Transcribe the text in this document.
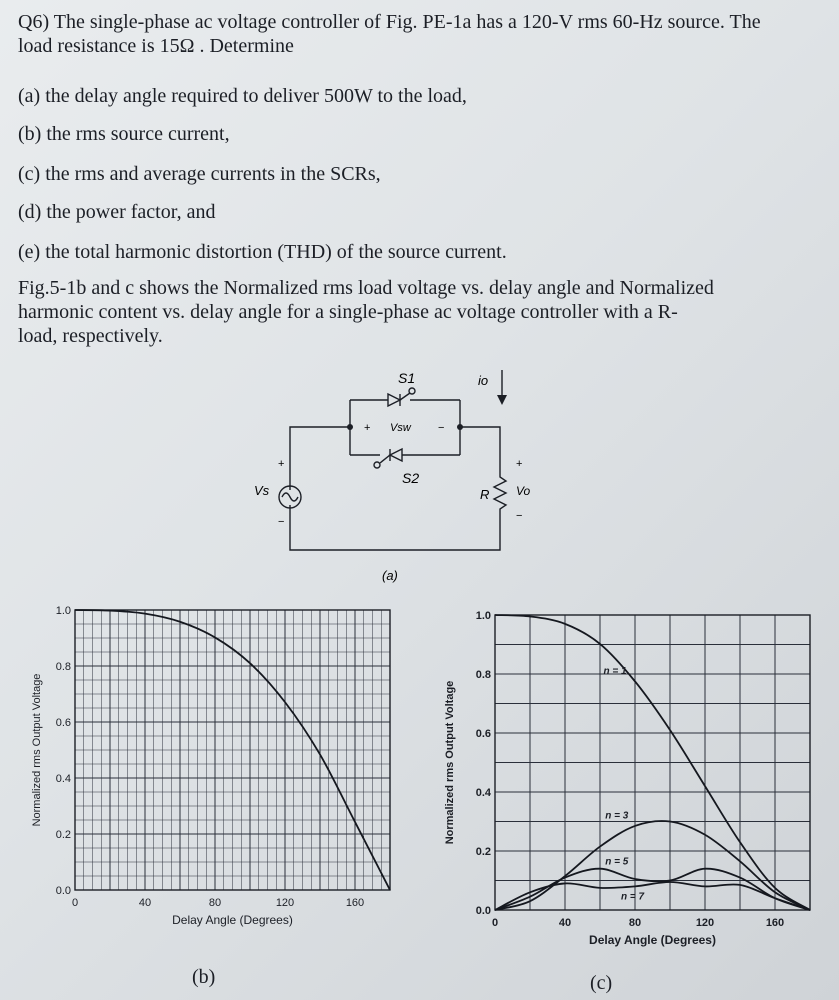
Q6) The single-phase ac voltage controller of Fig. PE-1a has a 120-V rms 60-Hz source. The
load resistance is 15Ω . Determine
(a) the delay angle required to deliver 500W to the load,
(b) the rms source current,
(c) the rms and average currents in the SCRs,
(d) the power factor, and
(e) the total harmonic distortion (THD) of the source current.
Fig.5-1b and c shows the Normalized rms load voltage vs. delay angle and Normalized
harmonic content vs. delay angle for a single-phase ac voltage controller with a R-
load, respectively.
S1
S2
+ Vsw −
+
Vs
−
io
R
+
Vo
−
(a)
0	40	80	120	160
0.0
0.2
0.4
0.6
0.8
1.0
Delay Angle (Degrees)
Normalized rms Output Voltage
(b)
0	40	80	120	160
0.0
0.2
0.4
0.6
0.8
1.0
Delay Angle (Degrees)
Normalized rms Output Voltage
n = 1
n = 3
n = 5
n = 7
(c)
